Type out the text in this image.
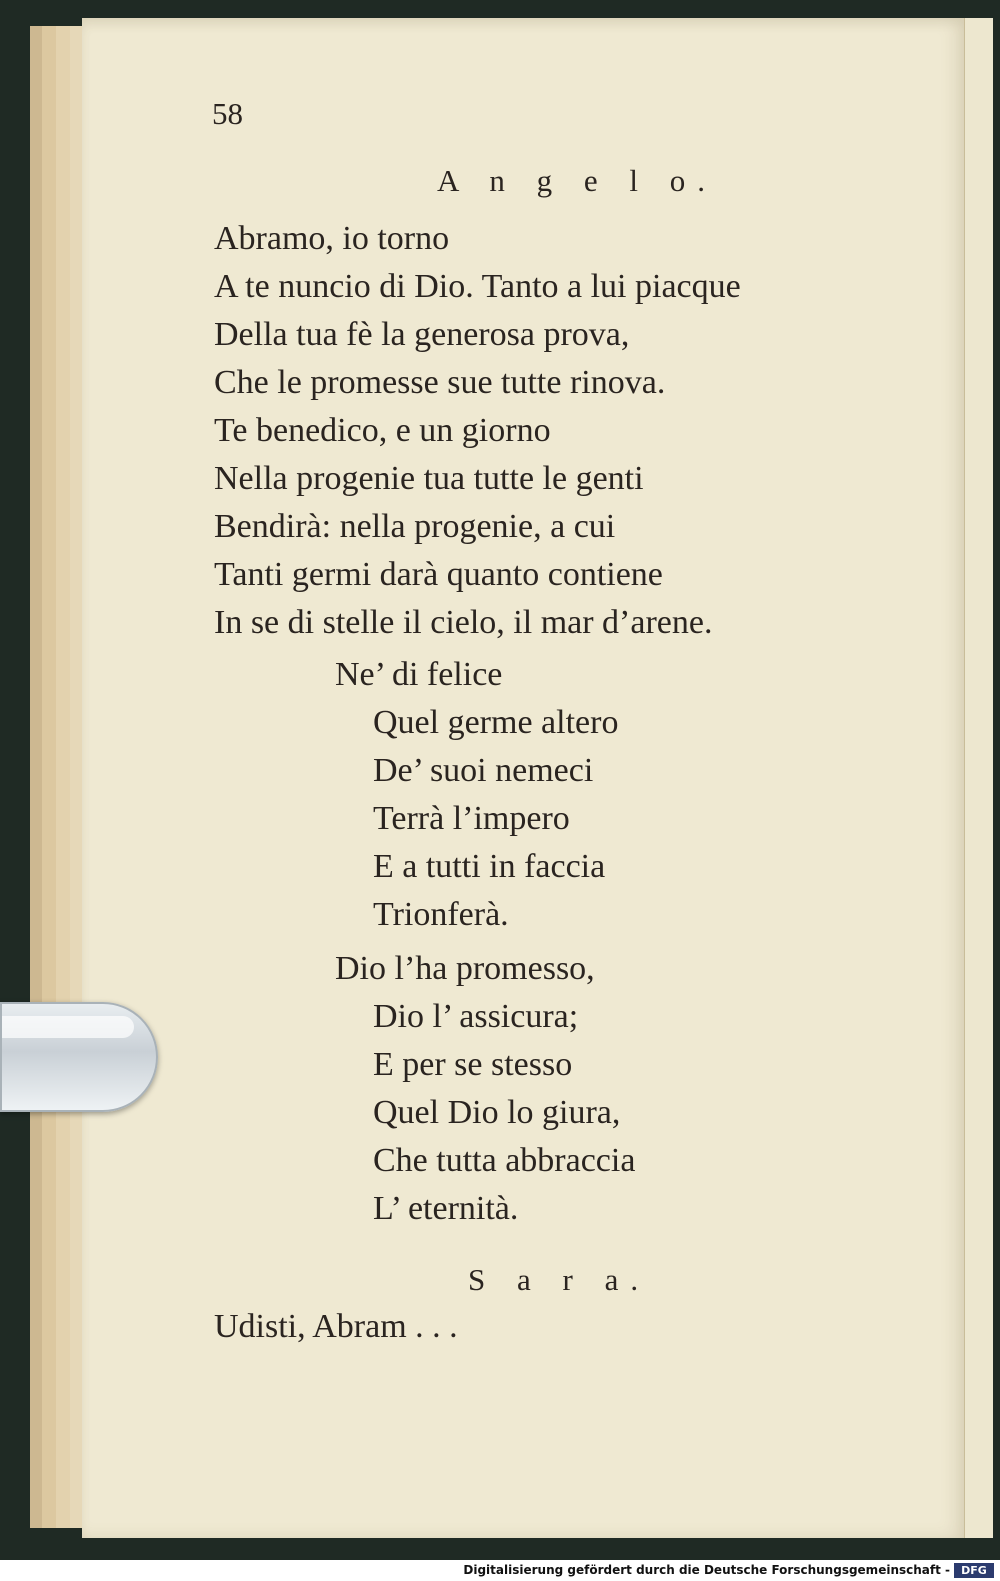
58
A n g e l o.
Abramo, io torno
A te nuncio di Dio. Tanto a lui piacque
Della tua fè la generosa prova,
Che le promesse sue tutte rinova.
Te benedico, e un giorno
Nella progenie tua tutte le genti
Bendirà: nella progenie, a cui
Tanti germi darà quanto contiene
In se di stelle il cielo, il mar d’arene.
Ne’ di felice
Quel germe altero
De’ suoi nemeci
Terrà l’impero
E a tutti in faccia
Trionferà.
Dio l’ha promesso,
Dio l’ assicura;
E per se stesso
Quel Dio lo giura,
Che tutta abbraccia
L’ eternità.
S a r a.
Udisti, Abram . . .
Digitalisierung gefördert durch die Deutsche Forschungsgemeinschaft -	DFG
